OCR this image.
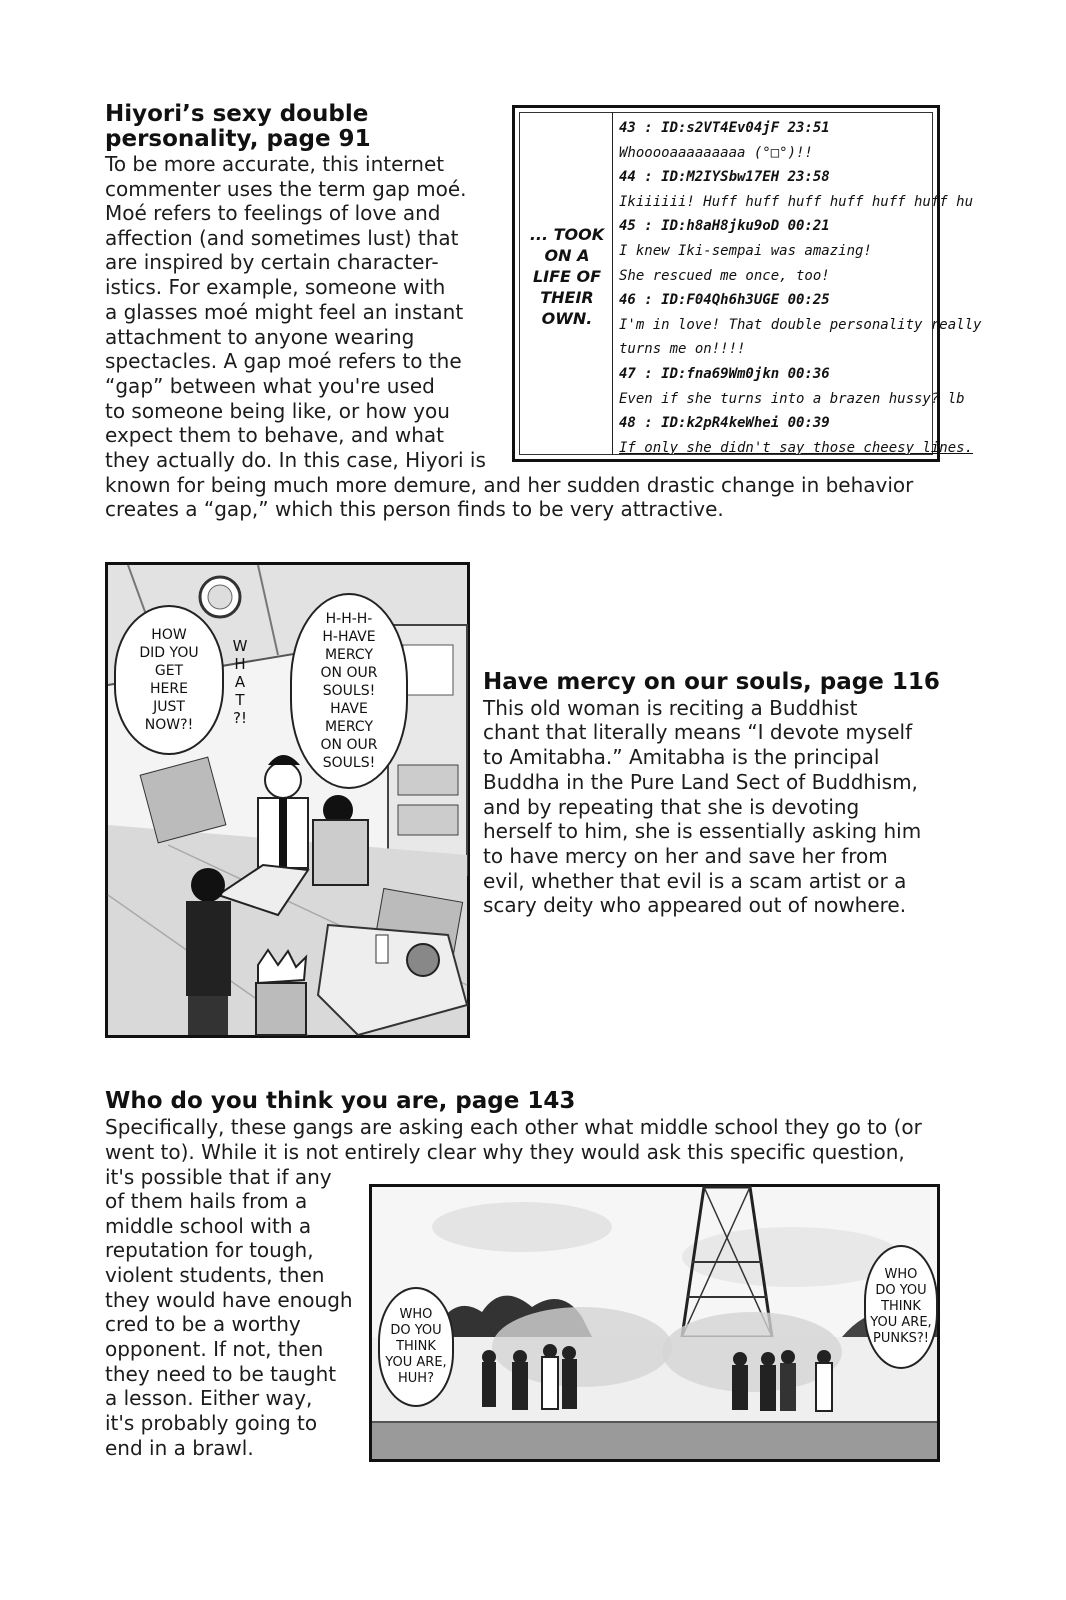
Hiyori’s sexy double
personality, page 91
To be more accurate, this internet
commenter uses the term gap moé.
Moé refers to feelings of love and
affection (and sometimes lust) that
are inspired by certain character-
istics. For example, someone with
a glasses moé might feel an instant
attachment to anyone wearing
spectacles. A gap moé refers to the
“gap” between what you're used
to someone being like, or how you
expect them to behave, and what
they actually do. In this case, Hiyori is
known for being much more demure, and her sudden drastic change in behavior
creates a “gap,” which this person finds to be very attractive.
... TOOK
ON A
LIFE OF
THEIR
OWN.
43 : ID:s2VT4Ev04jF 23:51
Whooooaaaaaaaaa (°□°)!!
44 : ID:M2IYSbw17EH 23:58
Ikiiiiii! Huff huff huff huff huff huff hu
45 : ID:h8aH8jku9oD 00:21
I knew Iki-sempai was amazing!
She rescued me once, too!
46 : ID:F04Qh6h3UGE 00:25
I'm in love! That double personality really
turns me on!!!!
47 : ID:fna69Wm0jkn 00:36
Even if she turns into a brazen hussy? lb
48 : ID:k2pR4keWhei 00:39
If only she didn't say those cheesy lines.
HOW
DID YOU
GET
HERE
JUST
NOW?!
W
H
A
T
?!
H-H-H-
H-HAVE
MERCY
ON OUR
SOULS!
HAVE
MERCY
ON OUR
SOULS!
Have mercy on our souls, page 116
This old woman is reciting a Buddhist
chant that literally means “I devote myself
to Amitabha.” Amitabha is the principal
Buddha in the Pure Land Sect of Buddhism,
and by repeating that she is devoting
herself to him, she is essentially asking him
to have mercy on her and save her from
evil, whether that evil is a scam artist or a
scary deity who appeared out of nowhere.
Who do you think you are, page 143
Specifically, these gangs are asking each other what middle school they go to (or
went to). While it is not entirely clear why they would ask this specific question,
it's possible that if any
of them hails from a
middle school with a
reputation for tough,
violent students, then
they would have enough
cred to be a worthy
opponent. If not, then
they need to be taught
a lesson. Either way,
it's probably going to
end in a brawl.
WHO
DO YOU
THINK
YOU ARE,
HUH?
WHO
DO YOU
THINK
YOU ARE,
PUNKS?!
